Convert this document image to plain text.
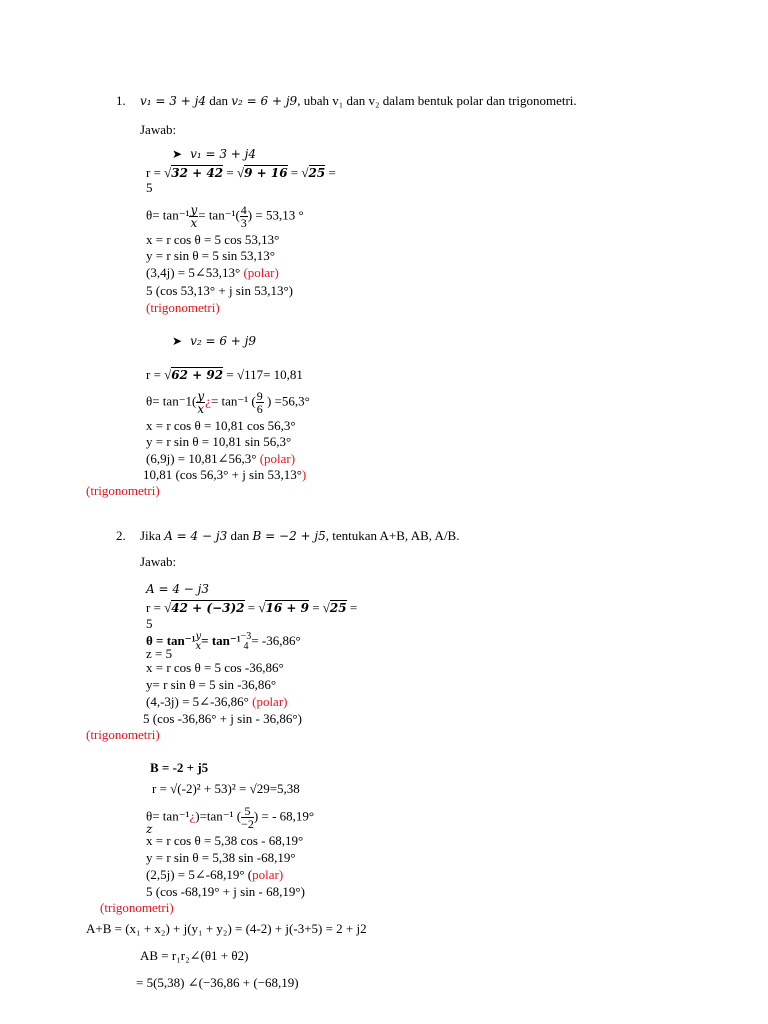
1. v₁ = 3 + j4 dan v₂ = 6 + j9, ubah v₁ dan v₂ dalam bentuk polar dan trigonometri.
Jawab:
➤ v₁ = 3 + j4
r = √32 + 42 = √9 + 16 = √25 =
5
$\theta= \tan^{-1} \frac{y}{x} = \tan^{-1}( \frac{4}{3}$ ) = 53,13 °
x = r cos θ = 5 cos 53,13°
y = r sin θ = 5 sin 53,13°
(3,4j) = 5∠53,13° (polar)
5 (cos 53,13° + j sin 53,13°)
(trigonometri)
➤ v₂ = 6 + j9
r = √62 + 92 = √117= 10,81
$\theta= \tan^-1( \frac{y}{x}$ ¿= tan⁻¹ ( $\frac{9}{6}$ ) =56,3°
x = r cos θ = 10,81 cos 56,3°
y = r sin θ = 10,81 sin 56,3°
(6,9j) = 10,81∠56,3° (polar)
10,81 (cos 56,3° + j sin 53,13°)
(trigonometri)
2. Jika A = 4 − j3 dan B = −2 + j5, tentukan A+B, AB, A/B.
Jawab:
A = 4 − j3
r = √42 + (−3)2 = √16 + 9 = √25 =
5
θ = tan⁻¹ y
x = tan⁻¹ −3
4 = -36,86°
z = 5
x = r cos θ = 5 cos -36,86°
y= r sin θ = 5 sin -36,86°
(4,-3j) = 5∠-36,86° (polar)
5 (cos -36,86° + j sin - 36,86°)
(trigonometri)
B = -2 + j5
r = √(-2)² + 53)² = √29=5,38
θ= tan⁻¹¿)=tan⁻¹ ( $\frac{5}{-2}$ ) = - 68,19°
z
x = r cos θ = 5,38 cos - 68,19°
y = r sin θ = 5,38 sin -68,19°
(2,5j) = 5∠-68,19° (polar)
5 (cos -68,19° + j sin - 68,19°)
(trigonometri)
A+B = (x₁ + x₂) + j(y₁ + y₂) = (4-2) + j(-3+5) = 2 + j2
AB = r₁r₂∠(θ1 + θ2)
= 5(5,38) ∠(−36,86 + (−68,19)
